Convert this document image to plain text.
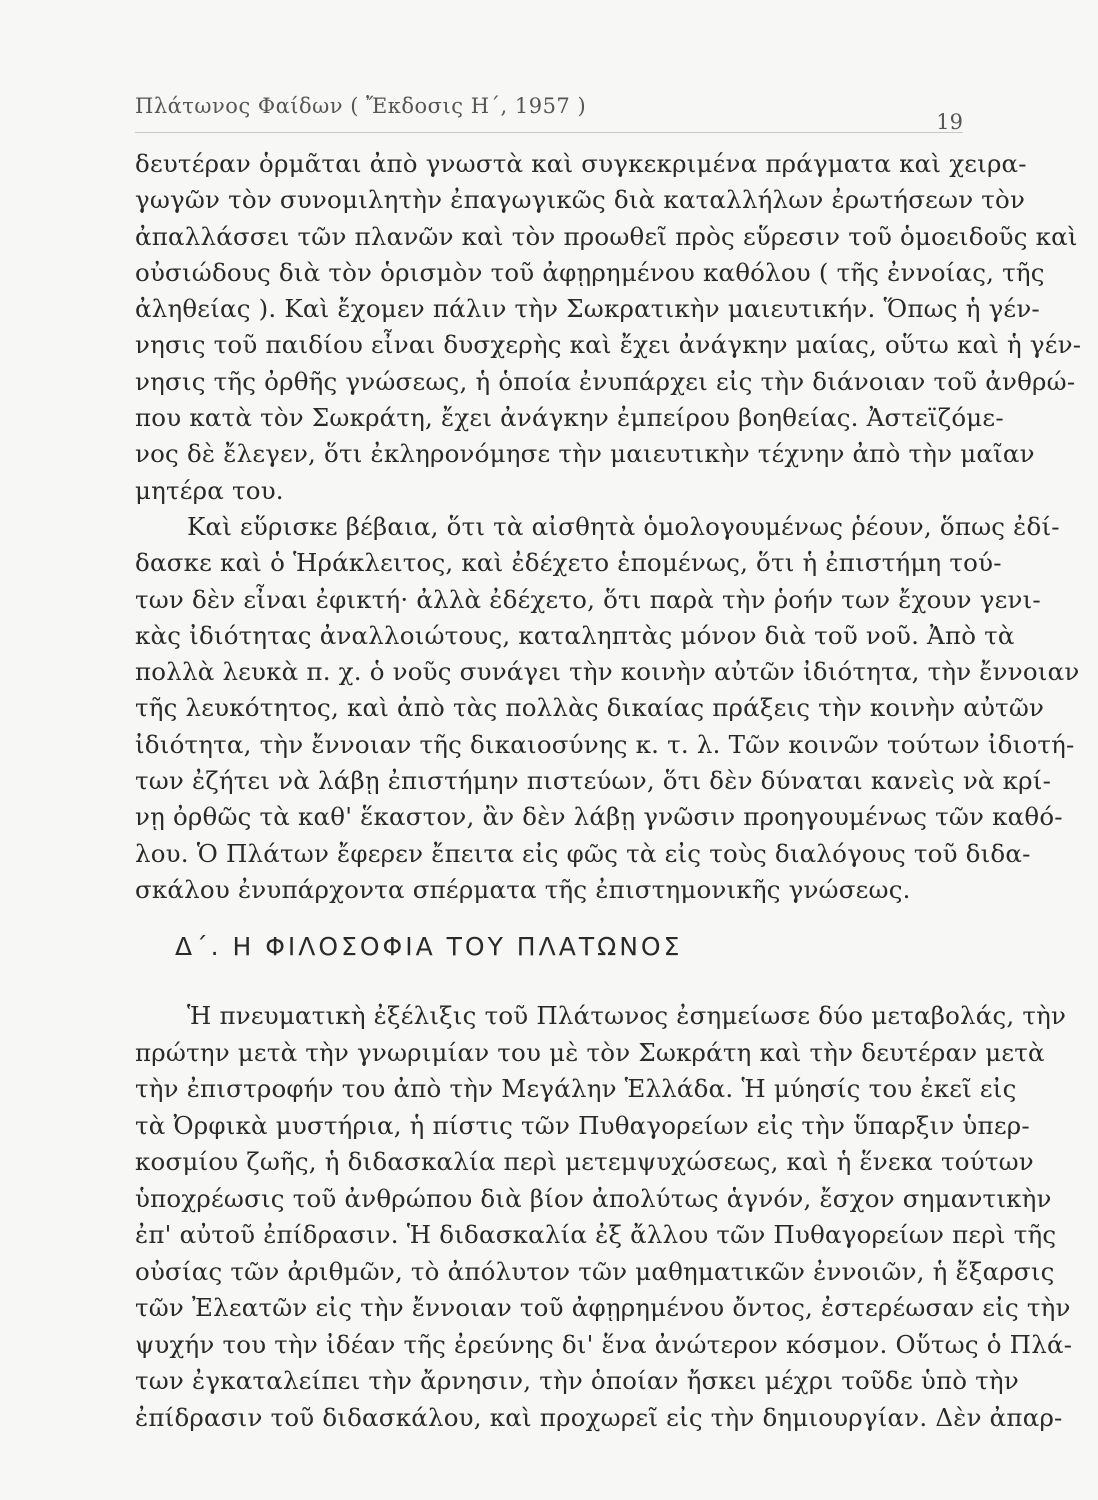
Πλάτωνος Φαίδων ( Ἔκδοσις Η΄, 1957 )
19
δευτέραν ὁρμᾶται ἀπὸ γνωστὰ καὶ συγκεκριμένα πράγματα καὶ χειρα-
γωγῶν τὸν συνομιλητὴν ἐπαγωγικῶς διὰ καταλλήλων ἐρωτήσεων τὸν
ἀπαλλάσσει τῶν πλανῶν καὶ τὸν προωθεῖ πρὸς εὕρεσιν τοῦ ὁμοειδοῦς καὶ
οὐσιώδους διὰ τὸν ὁρισμὸν τοῦ ἀφῃρημένου καθόλου ( τῆς ἐννοίας, τῆς
ἀληθείας ). Καὶ ἔχομεν πάλιν τὴν Σωκρατικὴν μαιευτικήν. Ὅπως ἡ γέν-
νησις τοῦ παιδίου εἶναι δυσχερὴς καὶ ἔχει ἀνάγκην μαίας, οὕτω καὶ ἡ γέν-
νησις τῆς ὀρθῆς γνώσεως, ἡ ὁποία ἐνυπάρχει εἰς τὴν διάνοιαν τοῦ ἀνθρώ-
που κατὰ τὸν Σωκράτη, ἔχει ἀνάγκην ἐμπείρου βοηθείας. Ἀστεϊζόμε-
νος δὲ ἔλεγεν, ὅτι ἐκληρονόμησε τὴν μαιευτικὴν τέχνην ἀπὸ τὴν μαῖαν
μητέρα του.
Καὶ εὕρισκε βέβαια, ὅτι τὰ αἰσθητὰ ὁμολογουμένως ῥέουν, ὅπως ἐδί-
δασκε καὶ ὁ Ἡράκλειτος, καὶ ἐδέχετο ἑπομένως, ὅτι ἡ ἐπιστήμη τού-
των δὲν εἶναι ἐφικτή· ἀλλὰ ἐδέχετο, ὅτι παρὰ τὴν ῥοήν των ἔχουν γενι-
κὰς ἰδιότητας ἀναλλοιώτους, καταληπτὰς μόνον διὰ τοῦ νοῦ. Ἀπὸ τὰ
πολλὰ λευκὰ π. χ. ὁ νοῦς συνάγει τὴν κοινὴν αὐτῶν ἰδιότητα, τὴν ἔννοιαν
τῆς λευκότητος, καὶ ἀπὸ τὰς πολλὰς δικαίας πράξεις τὴν κοινὴν αὐτῶν
ἰδιότητα, τὴν ἔννοιαν τῆς δικαιοσύνης κ. τ. λ. Τῶν κοινῶν τούτων ἰδιοτή-
των ἐζήτει νὰ λάβῃ ἐπιστήμην πιστεύων, ὅτι δὲν δύναται κανεὶς νὰ κρί-
νῃ ὀρθῶς τὰ καθ' ἕκαστον, ἂν δὲν λάβῃ γνῶσιν προηγουμένως τῶν καθό-
λου. Ὁ Πλάτων ἔφερεν ἔπειτα εἰς φῶς τὰ εἰς τοὺς διαλόγους τοῦ διδα-
σκάλου ἐνυπάρχοντα σπέρματα τῆς ἐπιστημονικῆς γνώσεως.
Δ΄. Η ΦΙΛΟΣΟΦΙΑ ΤΟΥ ΠΛΑΤΩΝΟΣ
Ἡ πνευματικὴ ἐξέλιξις τοῦ Πλάτωνος ἐσημείωσε δύο μεταβολάς, τὴν
πρώτην μετὰ τὴν γνωριμίαν του μὲ τὸν Σωκράτη καὶ τὴν δευτέραν μετὰ
τὴν ἐπιστροφήν του ἀπὸ τὴν Μεγάλην Ἑλλάδα. Ἡ μύησίς του ἐκεῖ εἰς
τὰ Ὀρφικὰ μυστήρια, ἡ πίστις τῶν Πυθαγορείων εἰς τὴν ὕπαρξιν ὑπερ-
κοσμίου ζωῆς, ἡ διδασκαλία περὶ μετεμψυχώσεως, καὶ ἡ ἕνεκα τούτων
ὑποχρέωσις τοῦ ἀνθρώπου διὰ βίον ἀπολύτως ἁγνόν, ἔσχον σημαντικὴν
ἐπ' αὐτοῦ ἐπίδρασιν. Ἡ διδασκαλία ἐξ ἄλλου τῶν Πυθαγορείων περὶ τῆς
οὐσίας τῶν ἀριθμῶν, τὸ ἀπόλυτον τῶν μαθηματικῶν ἐννοιῶν, ἡ ἔξαρσις
τῶν Ἐλεατῶν εἰς τὴν ἔννοιαν τοῦ ἀφῃρημένου ὄντος, ἐστερέωσαν εἰς τὴν
ψυχήν του τὴν ἰδέαν τῆς ἐρεύνης δι' ἕνα ἀνώτερον κόσμον. Οὕτως ὁ Πλά-
των ἐγκαταλείπει τὴν ἄρνησιν, τὴν ὁποίαν ἤσκει μέχρι τοῦδε ὑπὸ τὴν
ἐπίδρασιν τοῦ διδασκάλου, καὶ προχωρεῖ εἰς τὴν δημιουργίαν. Δὲν ἀπαρ-
